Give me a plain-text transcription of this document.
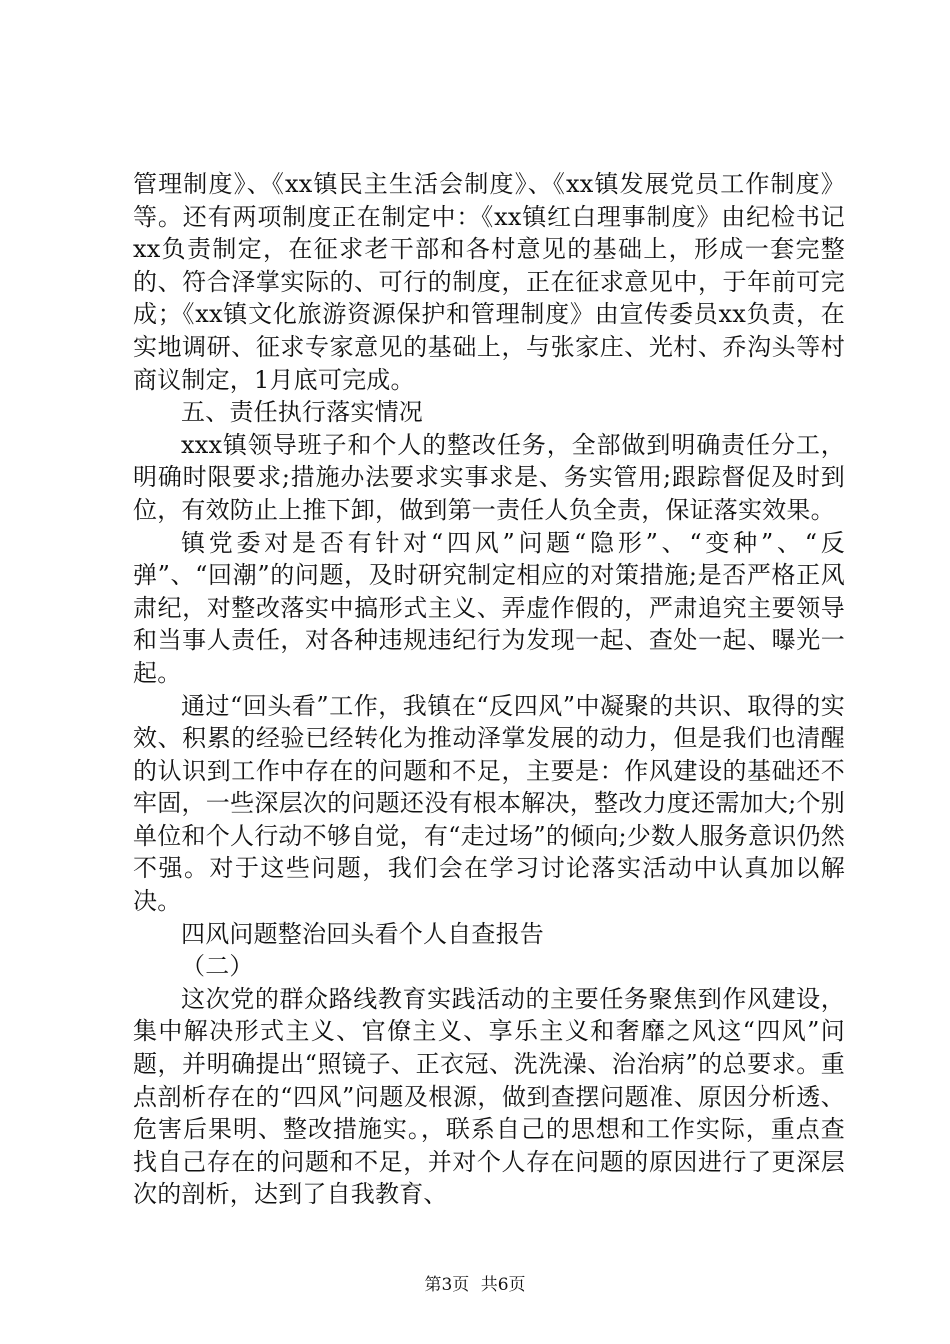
管理制度》、《xx镇民主生活会制度》、《xx镇发展党员工作制度》等。还有两项制度正在制定中：《xx镇红白理事制度》由纪检书记xx负责制定，在征求老干部和各村意见的基础上，形成一套完整的、符合泽掌实际的、可行的制度，正在征求意见中，于年前可完成；《xx镇文化旅游资源保护和管理制度》由宣传委员xx负责，在实地调研、征求专家意见的基础上，与张家庄、光村、乔沟头等村商议制定，1月底可完成。

五、责任执行落实情况

xxx镇领导班子和个人的整改任务，全部做到明确责任分工，明确时限要求;措施办法要求实事求是、务实管用;跟踪督促及时到位，有效防止上推下卸，做到第一责任人负全责，保证落实效果。

镇党委对是否有针对“四风”问题“隐形”、“变种”、“反弹”、“回潮”的问题，及时研究制定相应的对策措施;是否严格正风肃纪，对整改落实中搞形式主义、弄虚作假的，严肃追究主要领导和当事人责任，对各种违规违纪行为发现一起、查处一起、曝光一起。

通过“回头看”工作，我镇在“反四风”中凝聚的共识、取得的实效、积累的经验已经转化为推动泽掌发展的动力，但是我们也清醒的认识到工作中存在的问题和不足，主要是：作风建设的基础还不牢固，一些深层次的问题还没有根本解决，整改力度还需加大;个别单位和个人行动不够自觉，有“走过场”的倾向;少数人服务意识仍然不强。对于这些问题，我们会在学习讨论落实活动中认真加以解决。

四风问题整治回头看个人自查报告

（二）

这次党的群众路线教育实践活动的主要任务聚焦到作风建设，集中解决形式主义、官僚主义、享乐主义和奢靡之风这“四风”问题，并明确提出“照镜子、正衣冠、洗洗澡、治治病”的总要求。重点剖析存在的“四风”问题及根源，做到查摆问题准、原因分析透、危害后果明、整改措施实。，联系自己的思想和工作实际，重点查找自己存在的问题和不足，并对个人存在问题的原因进行了更深层次的剖析，达到了自我教育、

第3页 共6页
